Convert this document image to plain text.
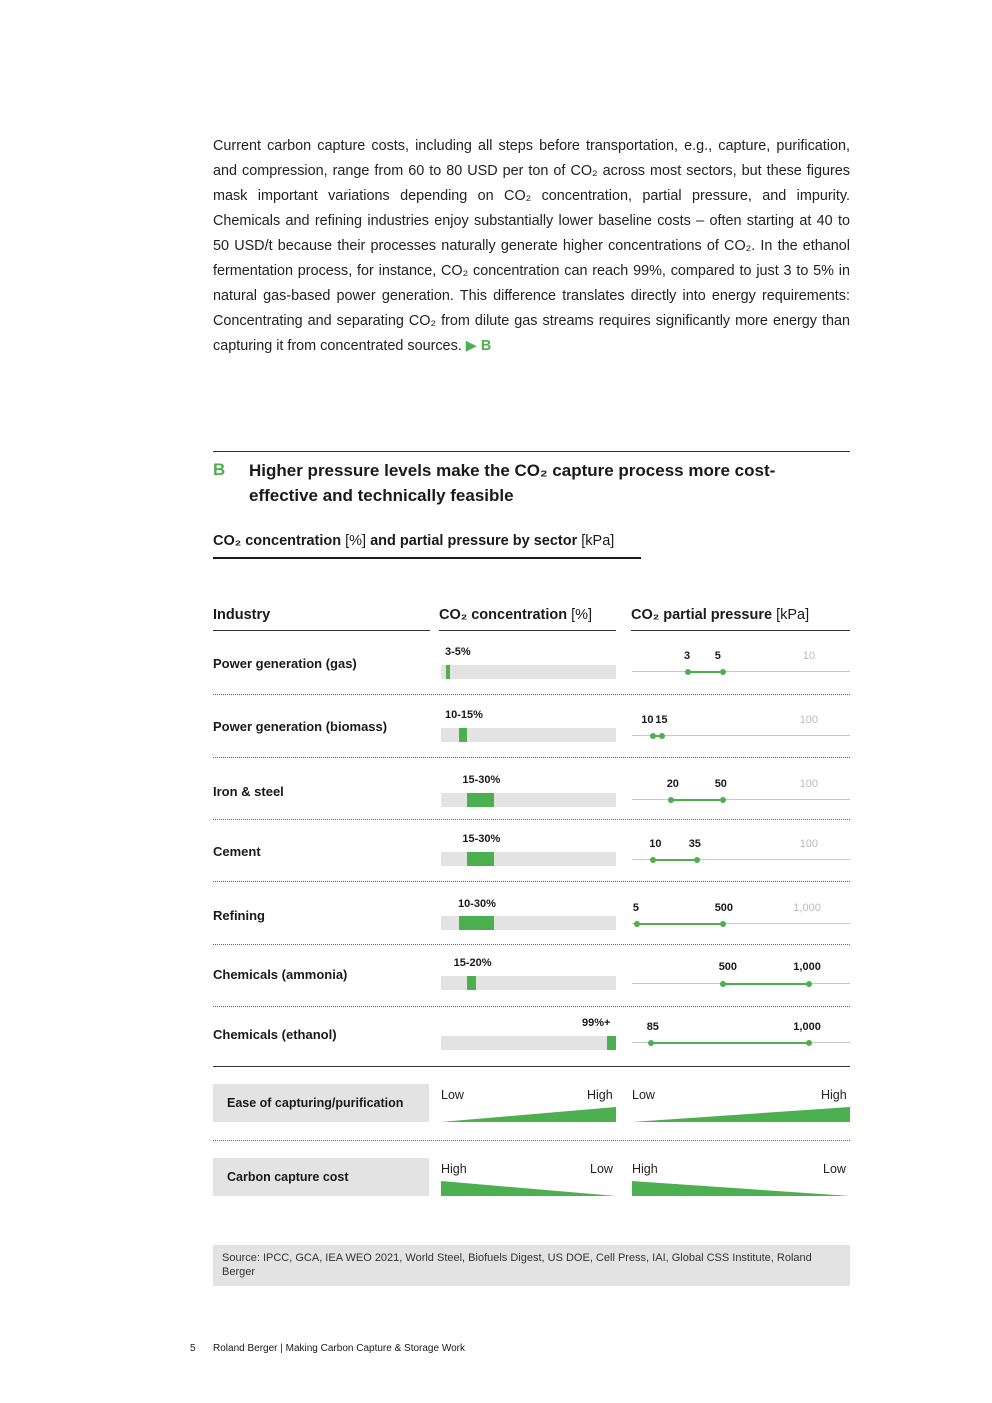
Current carbon capture costs, including all steps before transportation, e.g., capture, purification, and compression, range from 60 to 80 USD per ton of CO₂ across most sectors, but these figures mask important variations depending on CO₂ concentration, partial pressure, and impurity. Chemicals and refining industries enjoy substantially lower baseline costs – often starting at 40 to 50 USD/t because their processes naturally generate higher concentrations of CO₂. In the ethanol fermentation process, for instance, CO₂ concentration can reach 99%, compared to just 3 to 5% in natural gas-based power generation. This difference translates directly into energy requirements: Concentrating and separating CO₂ from dilute gas streams requires significantly more energy than capturing it from concentrated sources. ▶ B
B Higher pressure levels make the CO₂ capture process more cost-effective and technically feasible
CO₂ concentration [%] and partial pressure by sector [kPa]
Industry	CO₂ concentration [%]	CO₂ partial pressure [kPa]
Power generation (gas)
3-5%	3 5	10
Power generation (biomass)
10-15%	10 15	100
Iron & steel
15-30%	20	50	100
Cement
15-30%	10 35	100
Refining
10-30%	5	500	1,000
Chemicals (ammonia)
15-20%	500	1,000
Chemicals (ethanol)
99%+	85	1,000
Ease of capturing/purification
Low	High Low	High
Carbon capture cost
High	Low High	Low
Source: IPCC, GCA, IEA WEO 2021, World Steel, Biofuels Digest, US DOE, Cell Press, IAI, Global CSS Institute, Roland Berger
5 Roland Berger | Making Carbon Capture & Storage Work
